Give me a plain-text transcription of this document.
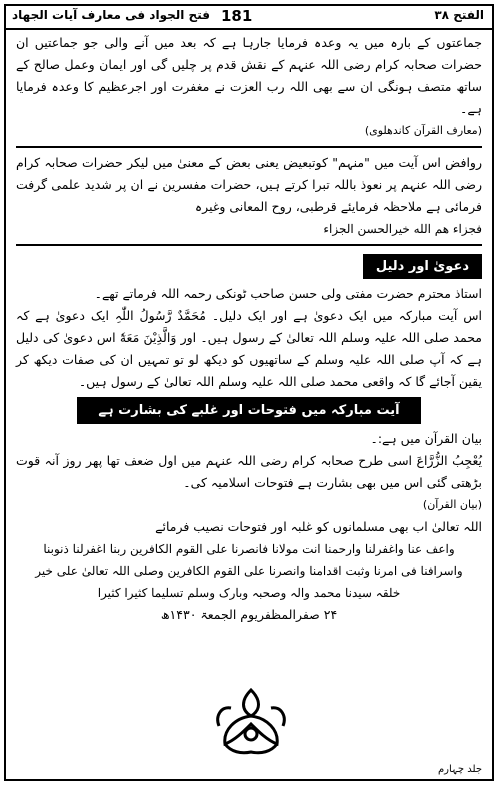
فتح الجواد فی معارف آیات الجهاد 181	الفتح ۳۸

جماعتوں کے بارہ میں یہ وعدہ فرمایا جارہا ہے کہ بعد میں آنے والی جو جماعتیں ان حضرات صحابہ کرام رضی اللہ عنہم کے نقش قدم پر چلیں گی اور ایمان وعمل صالح کے ساتھ متصف ہونگی ان سے بھی اللہ رب العزت نے مغفرت اور اجرعظیم کا وعدہ فرمایا ہے۔

(معارف القرآن کاندھلوی)

روافض اس آیت میں "منہم" کوتبعیض یعنی بعض کے معنیٰ میں لیکر حضرات صحابہ کرام رضی اللہ عنہم پر نعوذ باللہ تبرا کرتے ہیں، حضرات مفسرین نے ان پر شدید علمی گرفت فرمائی ہے ملاحظہ فرمایئے قرطبی، روح المعانی وغیرہ

فجزاء هم الله خیرالحسن الجزاء

دعویٰ اور دلیل

استاذ محترم حضرت مفتی ولی حسن صاحب ٹونکی رحمہ اللہ فرماتے تھے۔

اس آیت مبارکہ میں ایک دعویٰ ہے اور ایک دلیل۔ مُحَمَّدٌ رَّسُولُ اللّٰہِ ایک دعویٰ ہے کہ محمد صلی اللہ علیہ وسلم اللہ تعالیٰ کے رسول ہیں۔ اور وَالَّذِيْنَ مَعَهٗٓ اس دعویٰ کی دلیل ہے کہ آپ صلی اللہ علیہ وسلم کے ساتھیوں کو دیکھ لو تو تمہیں ان کی صفات دیکھ کر یقین آجائے گا کہ واقعی محمد صلی اللہ علیہ وسلم اللہ تعالیٰ کے رسول ہیں۔

آیت مبارکہ میں فتوحات اور غلبے کی بشارت ہے

بیان القرآن میں ہے:۔

يُعْجِبُ الزُّرَّاعَ اسی طرح صحابہ کرام رضی اللہ عنہم میں اول ضعف تھا پھر روز آنہ قوت بڑھتی گئی اس میں بھی بشارت ہے فتوحات اسلامیہ کی۔

(بیان القرآن)

اللہ تعالیٰ اب بھی مسلمانوں کو غلبہ اور فتوحات نصیب فرمائے

واعف عنا واغفرلنا وارحمنا انت مولانا فانصرنا علی القوم الکافرین ربنا اغفرلنا ذنوبنا

واسرافنا فی امرنا وثبت اقدامنا وانصرنا علی القوم الکافرین وصلی اللہ تعالیٰ علی خیر

خلقہ سیدنا محمد والہ وصحبہ وبارک وسلم تسلیما کثیرا کثیرا

۲۴ صفرالمظفریوم الجمعۃ ۱۴۳۰ھ

جلد چہارم
